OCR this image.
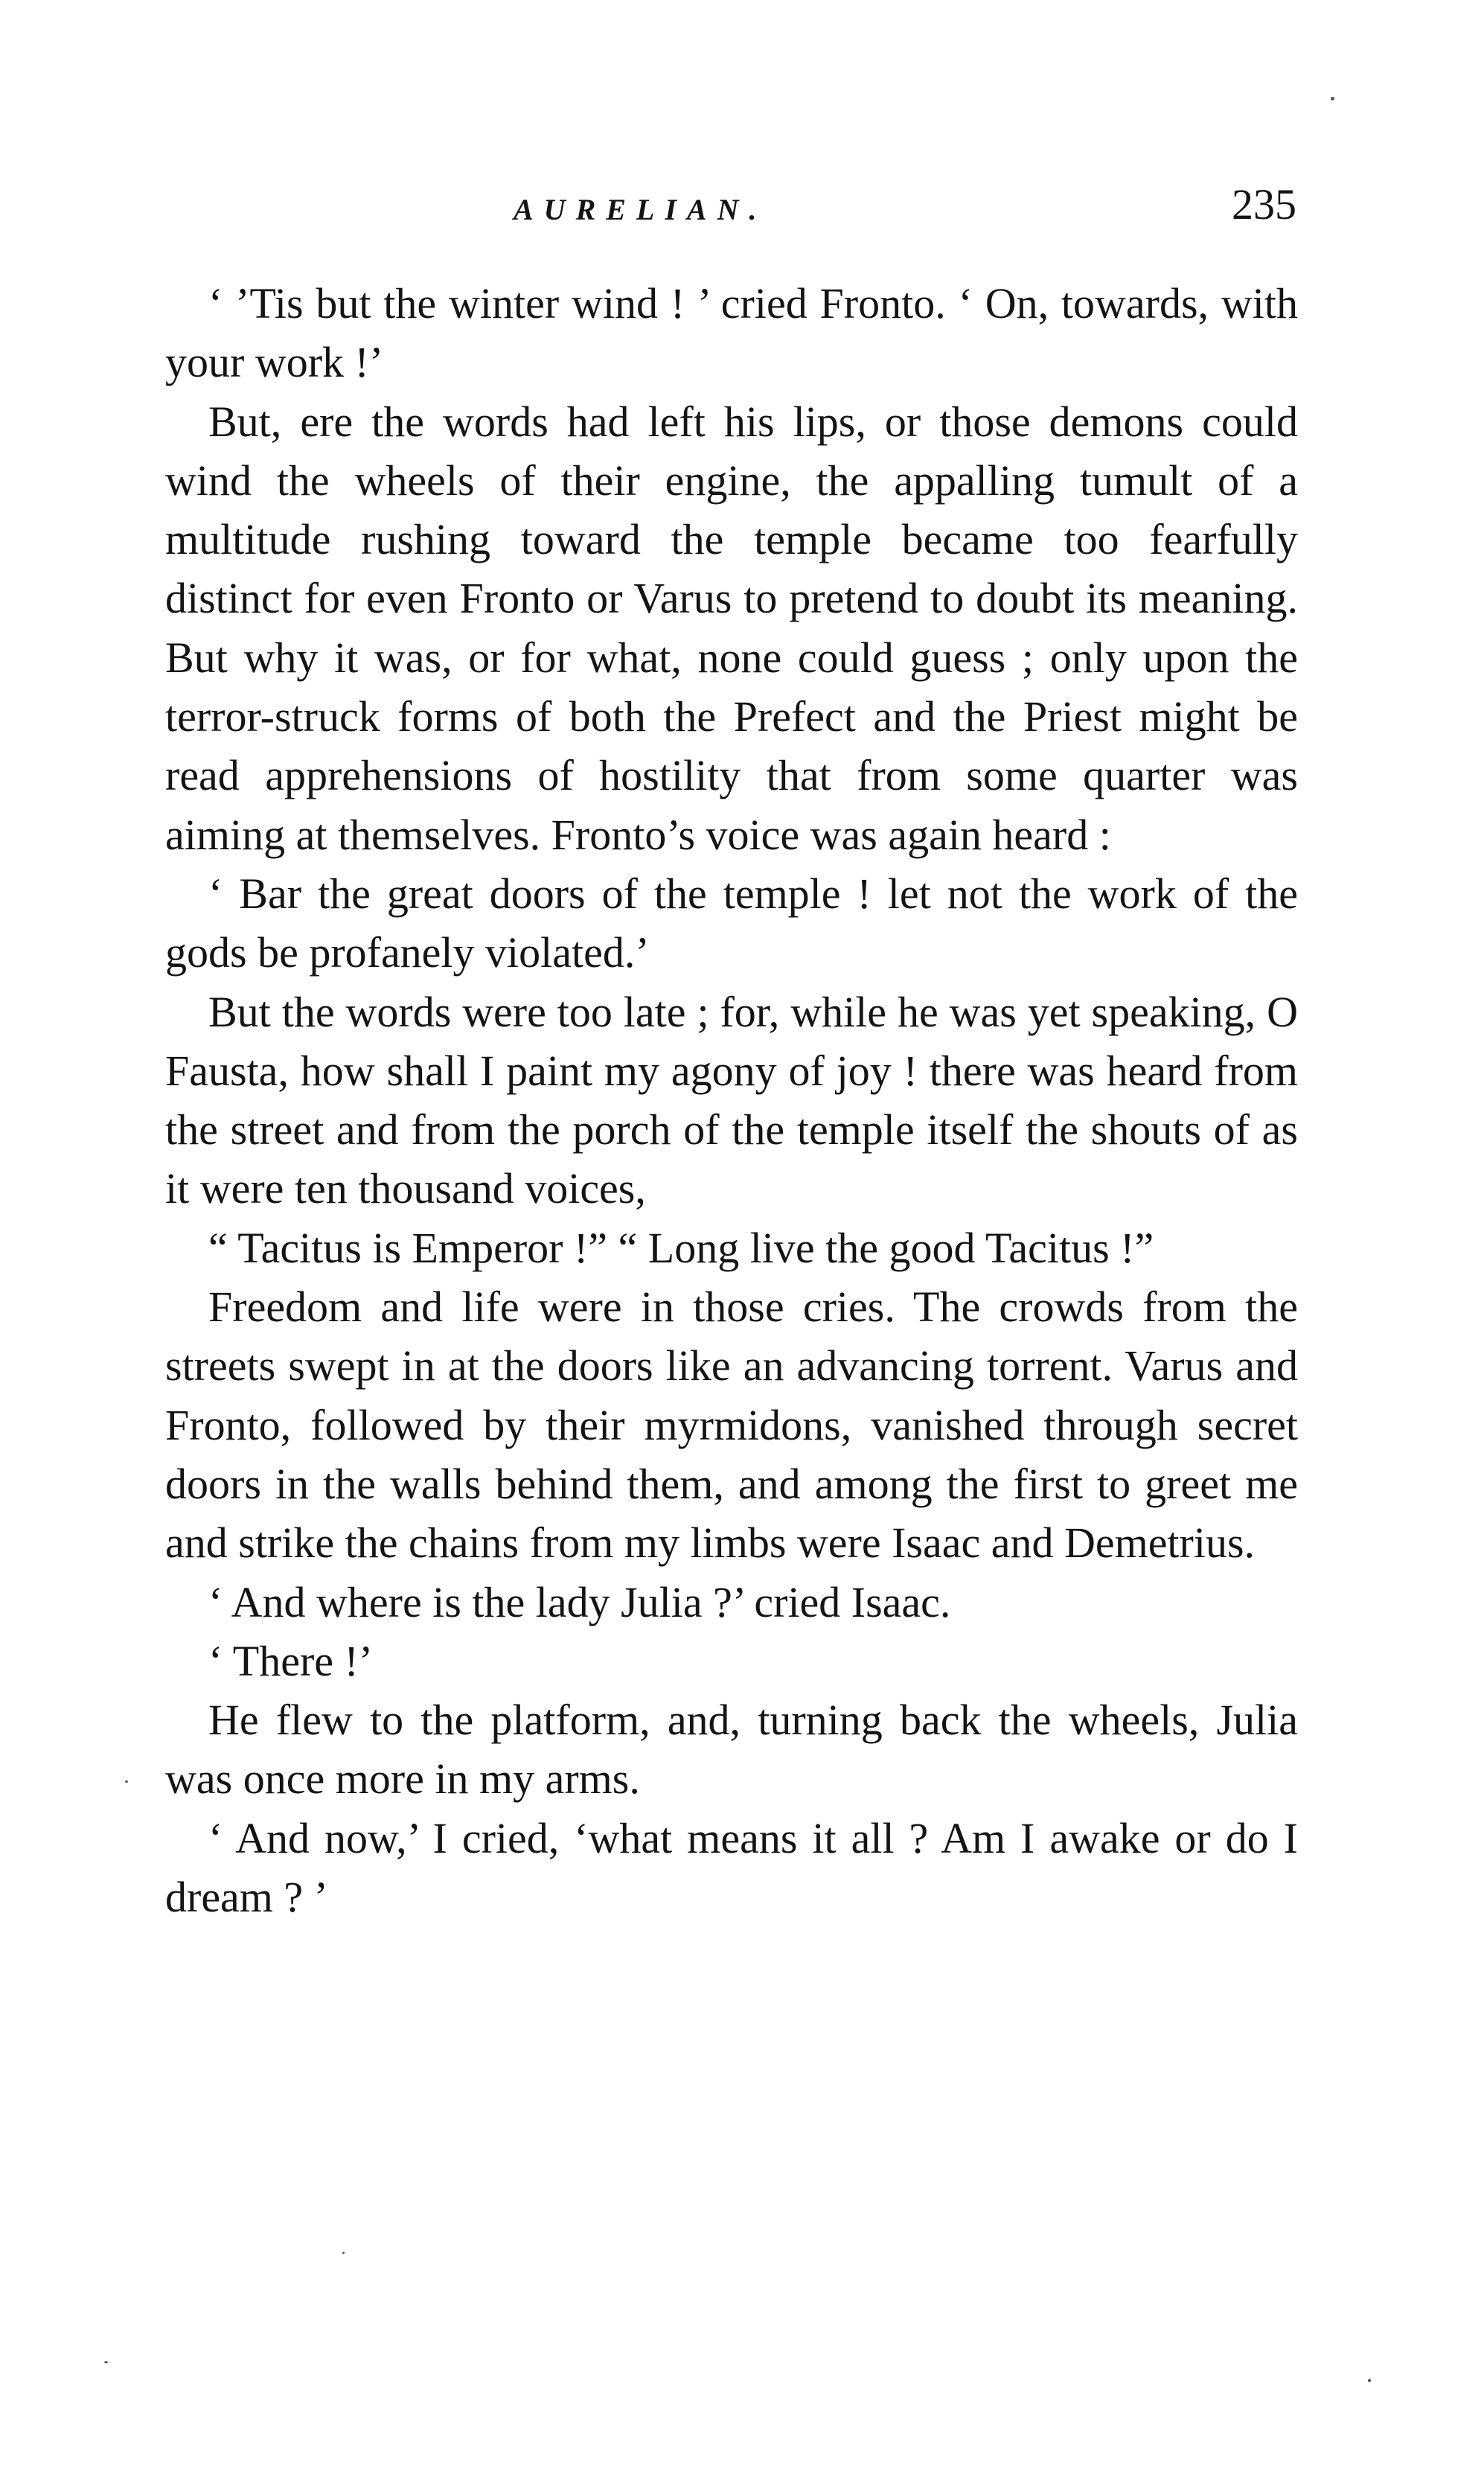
AURELIAN.	235

‘ ’Tis but the winter wind ! ’ cried Fronto. ‘ On, towards, with your work !’

But, ere the words had left his lips, or those demons could wind the wheels of their engine, the appalling tumult of a multitude rushing toward the temple became too fearfully distinct for even Fronto or Varus to pretend to doubt its meaning. But why it was, or for what, none could guess ; only upon the terror-struck forms of both the Prefect and the Priest might be read apprehensions of hostility that from some quarter was aiming at themselves. Fronto’s voice was again heard :

‘ Bar the great doors of the temple ! let not the work of the gods be profanely violated.’

But the words were too late ; for, while he was yet speaking, O Fausta, how shall I paint my agony of joy ! there was heard from the street and from the porch of the temple itself the shouts of as it were ten thousand voices,

“ Tacitus is Emperor !” “ Long live the good Tacitus !”

Freedom and life were in those cries. The crowds from the streets swept in at the doors like an advancing torrent. Varus and Fronto, followed by their myrmidons, vanished through secret doors in the walls behind them, and among the first to greet me and strike the chains from my limbs were Isaac and Demetrius.

‘ And where is the lady Julia ?’ cried Isaac.

‘ There !’

He flew to the platform, and, turning back the wheels, Julia was once more in my arms.

‘ And now,’ I cried, ‘what means it all ? Am I awake or do I dream ? ’
